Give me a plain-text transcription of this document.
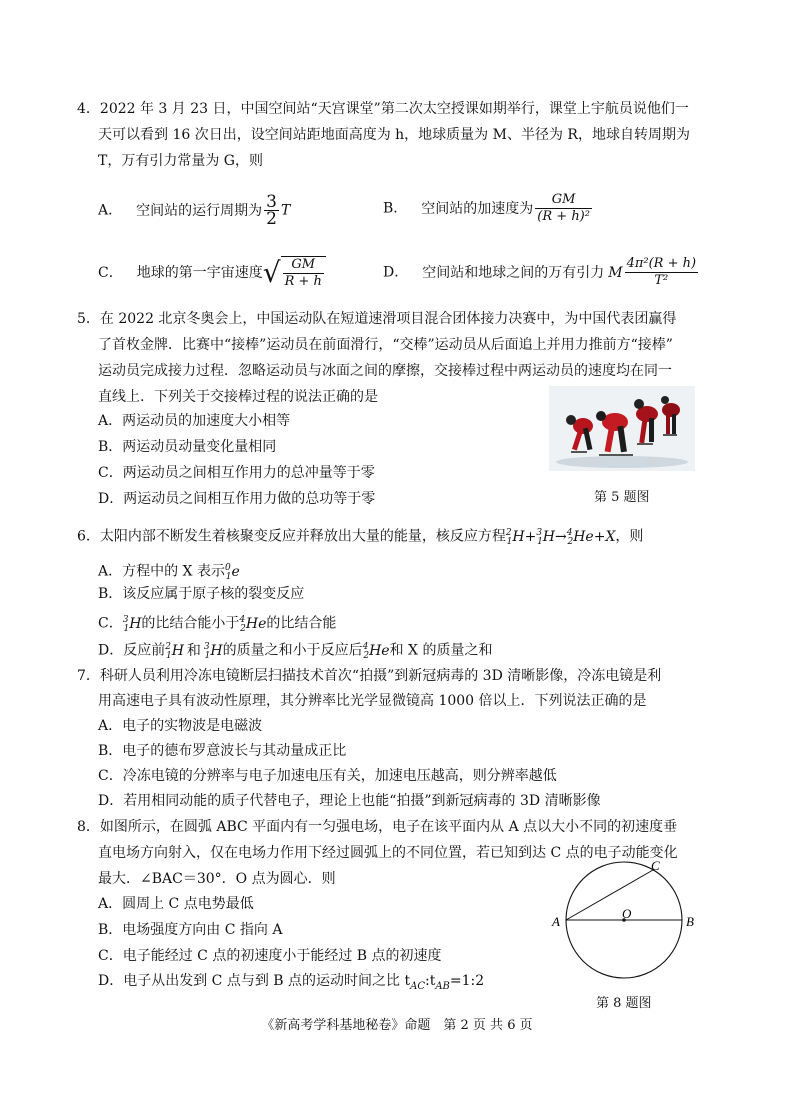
4．2022 年 3 月 23 日，中国空间站“天宫课堂”第二次太空授课如期举行，课堂上宇航员说他们一
天可以看到 16 次日出，设空间站距地面高度为 h，地球质量为 M、半径为 R，地球自转周期为
T，万有引力常量为 G，则
A． 空间站的运行周期为 $\frac{3}{2}$ T	B． 空间站的加速度为 $\frac{GM}{\text{(R + h)²}}$
C． 地球的第一宇宙速度√ $\frac{GM}{R + h}$	D． 空间站和地球之间的万有引力 M $\frac{\text{4π²(R + h)}}{\text{T²}}$
5．在 2022 北京冬奥会上，中国运动队在短道速滑项目混合团体接力决赛中，为中国代表团赢得
了首枚金牌．比赛中“接棒”运动员在前面滑行，“交棒”运动员从后面追上并用力推前方“接棒”
运动员完成接力过程．忽略运动员与冰面之间的摩擦，交接棒过程中两运动员的速度均在同一
直线上．下列关于交接棒过程的说法正确的是
A．两运动员的加速度大小相等
B．两运动员动量变化量相同
C．两运动员之间相互作用力的总冲量等于零
D．两运动员之间相互作用力做的总功等于零	第 5 题图
6．太阳内部不断发生着核聚变反应并释放出大量的能量，核反应方程$^2_1$H+$^3_1$H→$^4_2$He+X，则
A．方程中的 X 表示$^0_1$e
B．该反应属于原子核的裂变反应
C．$^3_1$H的比结合能小于$^4_2$He的比结合能
D．反应前$^2_1$H 和 $^3_1$H的质量之和小于反应后$^4_2$He和 X 的质量之和
7．科研人员利用冷冻电镜断层扫描技术首次“拍摄”到新冠病毒的 3D 清晰影像，冷冻电镜是利
用高速电子具有波动性原理，其分辨率比光学显微镜高 1000 倍以上．下列说法正确的是
A．电子的实物波是电磁波
B．电子的德布罗意波长与其动量成正比
C．冷冻电镜的分辨率与电子加速电压有关，加速电压越高，则分辨率越低
D．若用相同动能的质子代替电子，理论上也能“拍摄”到新冠病毒的 3D 清晰影像
8．如图所示，在圆弧 ABC 平面内有一匀强电场，电子在该平面内从 A 点以大小不同的初速度垂
直电场方向射入，仅在电场力作用下经过圆弧上的不同位置，若已知到达 C 点的电子动能变化
最大．∠BAC＝30°．O 点为圆心．则
A．圆周上 C 点电势最低
B．电场强度方向由 C 指向 A
C．电子能经过 C 点的初速度小于能经过 B 点的初速度
D．电子从出发到 C 点与到 B 点的运动时间之比 $t_{AC}:t_{AB}=1:2$
A	B
C
O
第 8 题图
《新高考学科基地秘卷》命题　第 2 页 共 6 页
